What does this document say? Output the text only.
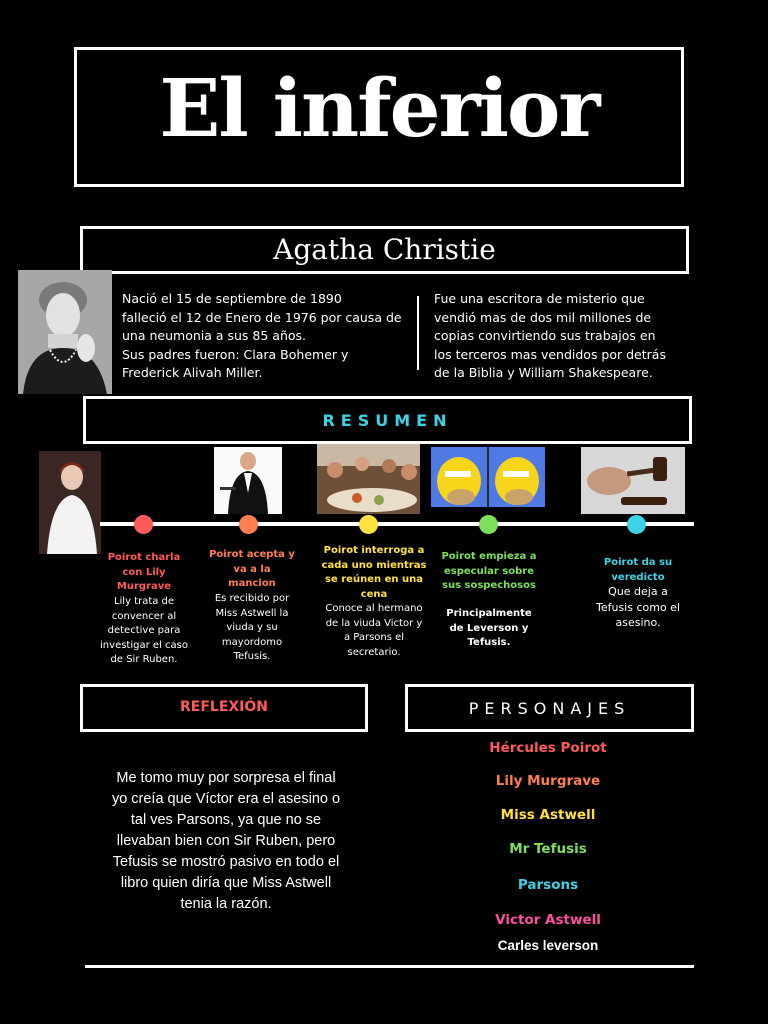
El inferior
Agatha Christie
Nació el 15 de septiembre de 1890
falleció el 12 de Enero de 1976 por causa de
una neumonia a sus 85 años.
Sus padres fueron: Clara Bohemer y
Frederick Alivah Miller.
Fue una escritora de misterio que
vendió mas de dos mil millones de
copias convirtiendo sus trabajos en
los terceros mas vendidos por detrás
de la Biblia y William Shakespeare.
RESUMEN
Poirot charla
con Lily
Murgrave
Lily trata de
convencer al
detective para
investigar el caso
de Sir Ruben.
Poirot acepta y
va a la
mancion
Es recibido por
Miss Astwell la
viuda y su
mayordomo
Tefusis.
Poirot interroga a
cada uno mientras
se reúnen en una
cena
Conoce al hermano
de la viuda Victor y
a Parsons el
secretario.
Poirot empieza a
especular sobre
sus sospechosos
Principalmente
de Leverson y
Tefusis.
Poirot da su
veredicto
Que deja a
Tefusis como el
asesino.
REFLEXIÓN
Me tomo muy por sorpresa el final
yo creía que Víctor era el asesino o
tal ves Parsons, ya que no se
llevaban bien con Sir Ruben, pero
Tefusis se mostró pasivo en todo el
libro quien diría que Miss Astwell
tenia la razón.
PERSONAJES
Hércules Poirot
Lily Murgrave
Miss Astwell
Mr Tefusis
Parsons
Victor Astwell
Carles leverson
